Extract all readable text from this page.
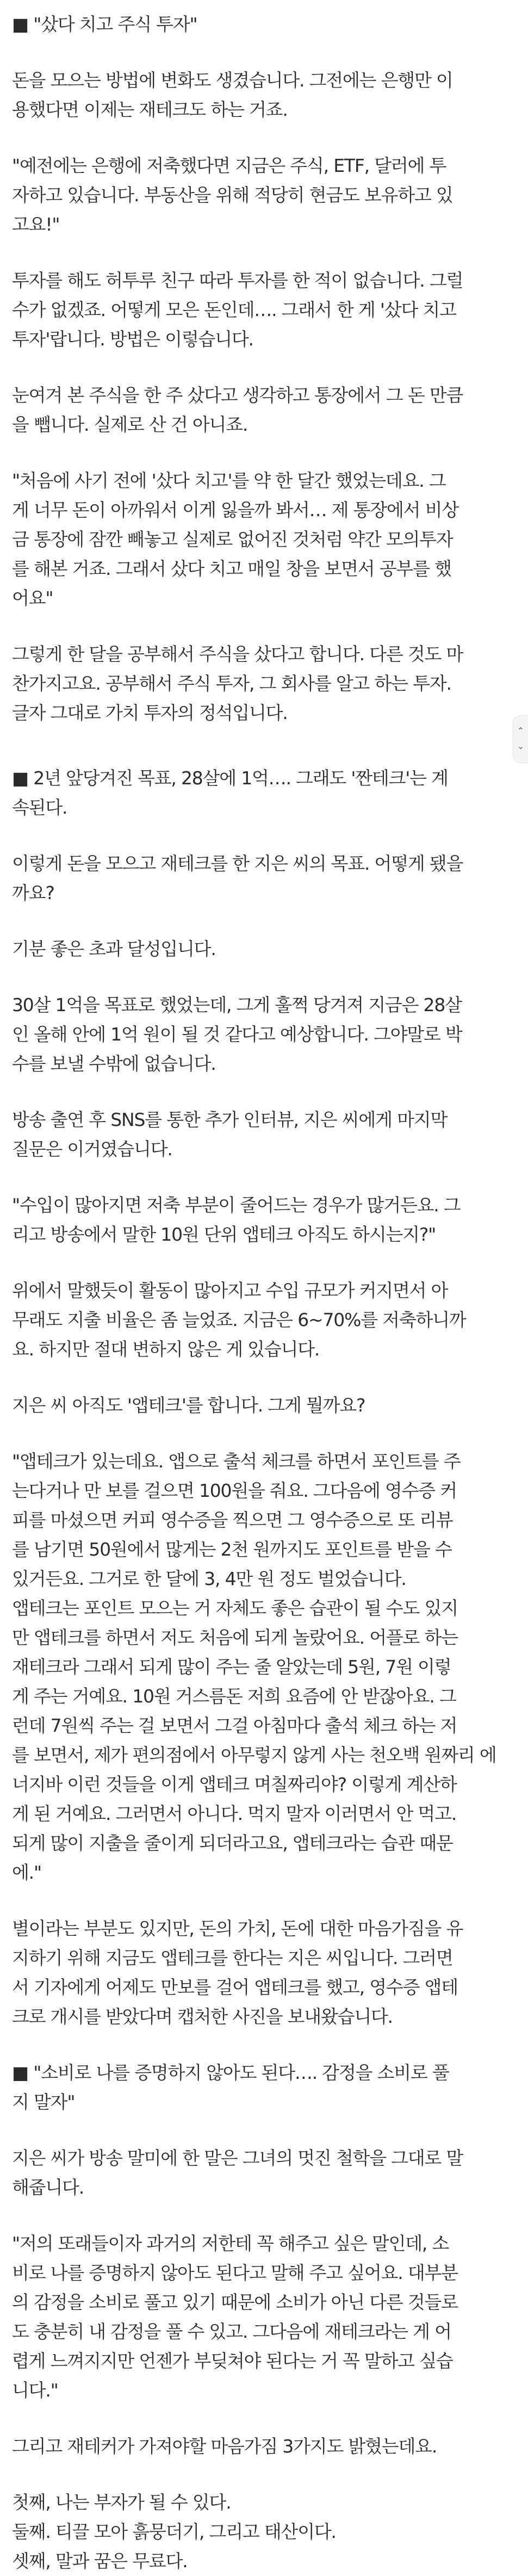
■ "샀다 치고 주식 투자"

돈을 모으는 방법에 변화도 생겼습니다. 그전에는 은행만 이
용했다면 이제는 재테크도 하는 거죠.

"예전에는 은행에 저축했다면 지금은 주식, ETF, 달러에 투
자하고 있습니다. 부동산을 위해 적당히 현금도 보유하고 있
고요!"

투자를 해도 허투루 친구 따라 투자를 한 적이 없습니다. 그럴
수가 없겠죠. 어떻게 모은 돈인데…. 그래서 한 게 '샀다 치고
투자'랍니다. 방법은 이렇습니다.

눈여겨 본 주식을 한 주 샀다고 생각하고 통장에서 그 돈 만큼
을 뺍니다. 실제로 산 건 아니죠.

"처음에 사기 전에 '샀다 치고'를 약 한 달간 했었는데요. 그
게 너무 돈이 아까워서 이게 잃을까 봐서… 제 통장에서 비상
금 통장에 잠깐 빼놓고 실제로 없어진 것처럼 약간 모의투자
를 해본 거죠. 그래서 샀다 치고 매일 창을 보면서 공부를 했
어요"

그렇게 한 달을 공부해서 주식을 샀다고 합니다. 다른 것도 마
찬가지고요. 공부해서 주식 투자, 그 회사를 알고 하는 투자.
글자 그대로 가치 투자의 정석입니다.

■ 2년 앞당겨진 목표, 28살에 1억…. 그래도 '짠테크'는 계
속된다.

이렇게 돈을 모으고 재테크를 한 지은 씨의 목표. 어떻게 됐을
까요?

기분 좋은 초과 달성입니다.

30살 1억을 목표로 했었는데, 그게 훌쩍 당겨져 지금은 28살
인 올해 안에 1억 원이 될 것 같다고 예상합니다. 그야말로 박
수를 보낼 수밖에 없습니다.

방송 출연 후 SNS를 통한 추가 인터뷰, 지은 씨에게 마지막
질문은 이거였습니다.

"수입이 많아지면 저축 부분이 줄어드는 경우가 많거든요. 그
리고 방송에서 말한 10원 단위 앱테크 아직도 하시는지?"

위에서 말했듯이 활동이 많아지고 수입 규모가 커지면서 아
무래도 지출 비율은 좀 늘었죠. 지금은 6~70%를 저축하니까
요. 하지만 절대 변하지 않은 게 있습니다.

지은 씨 아직도 '앱테크'를 합니다. 그게 뭘까요?

"앱테크가 있는데요. 앱으로 출석 체크를 하면서 포인트를 주
는다거나 만 보를 걸으면 100원을 줘요. 그다음에 영수증 커
피를 마셨으면 커피 영수증을 찍으면 그 영수증으로 또 리뷰
를 남기면 50원에서 많게는 2천 원까지도 포인트를 받을 수
있거든요. 그거로 한 달에 3, 4만 원 정도 벌었습니다.

앱테크는 포인트 모으는 거 자체도 좋은 습관이 될 수도 있지
만 앱테크를 하면서 저도 처음에 되게 놀랐어요. 어플로 하는
재테크라 그래서 되게 많이 주는 줄 알았는데 5원, 7원 이렇
게 주는 거예요. 10원 거스름돈 저희 요즘에 안 받잖아요. 그
런데 7원씩 주는 걸 보면서 그걸 아침마다 출석 체크 하는 저
를 보면서, 제가 편의점에서 아무렇지 않게 사는 천오백 원짜리 에
너지바 이런 것들을 이게 앱테크 며칠짜리야? 이렇게 계산하
게 된 거예요. 그러면서 아니다. 먹지 말자 이러면서 안 먹고.
되게 많이 지출을 줄이게 되더라고요, 앱테크라는 습관 때문
에."

별이라는 부분도 있지만, 돈의 가치, 돈에 대한 마음가짐을 유
지하기 위해 지금도 앱테크를 한다는 지은 씨입니다. 그러면
서 기자에게 어제도 만보를 걸어 앱테크를 했고, 영수증 앱테
크로 개시를 받았다며 캡처한 사진을 보내왔습니다.

■ "소비로 나를 증명하지 않아도 된다…. 감정을 소비로 풀
지 말자"

지은 씨가 방송 말미에 한 말은 그녀의 멋진 철학을 그대로 말
해줍니다.

"저의 또래들이자 과거의 저한테 꼭 해주고 싶은 말인데, 소
비로 나를 증명하지 않아도 된다고 말해 주고 싶어요. 대부분
의 감정을 소비로 풀고 있기 때문에 소비가 아닌 다른 것들로
도 충분히 내 감정을 풀 수 있고. 그다음에 재테크라는 게 어
렵게 느껴지지만 언젠가 부딪쳐야 된다는 거 꼭 말하고 싶습
니다."

그리고 재테커가 가져야할 마음가짐 3가지도 밝혔는데요.

첫째, 나는 부자가 될 수 있다.

둘째. 티끌 모아 흙뭉더기, 그리고 태산이다.

셋째, 말과 꿈은 무료다.

⌃
⌄
